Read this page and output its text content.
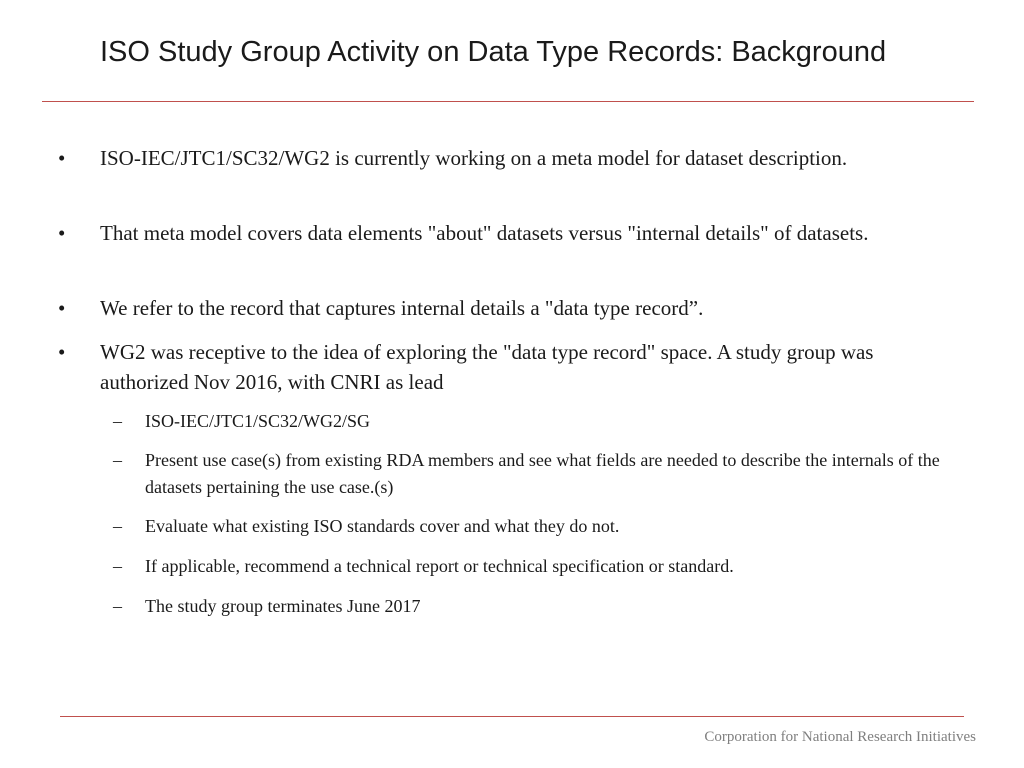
ISO Study Group Activity on Data Type Records: Background
• ISO-IEC/JTC1/SC32/WG2 is currently working on a meta model for dataset description.
• That meta model covers data elements "about" datasets versus "internal details" of datasets.
• We refer to the record that captures internal details a "data type record”.
• WG2 was receptive to the idea of exploring the "data type record" space. A study group was authorized Nov 2016, with CNRI as lead
– ISO-IEC/JTC1/SC32/WG2/SG
– Present use case(s) from existing RDA members and see what fields are needed to describe the internals of the datasets pertaining the use case.(s)
– Evaluate what existing ISO standards cover and what they do not.
– If applicable, recommend a technical report or technical specification or standard.
– The study group terminates June 2017
Corporation for National Research Initiatives
